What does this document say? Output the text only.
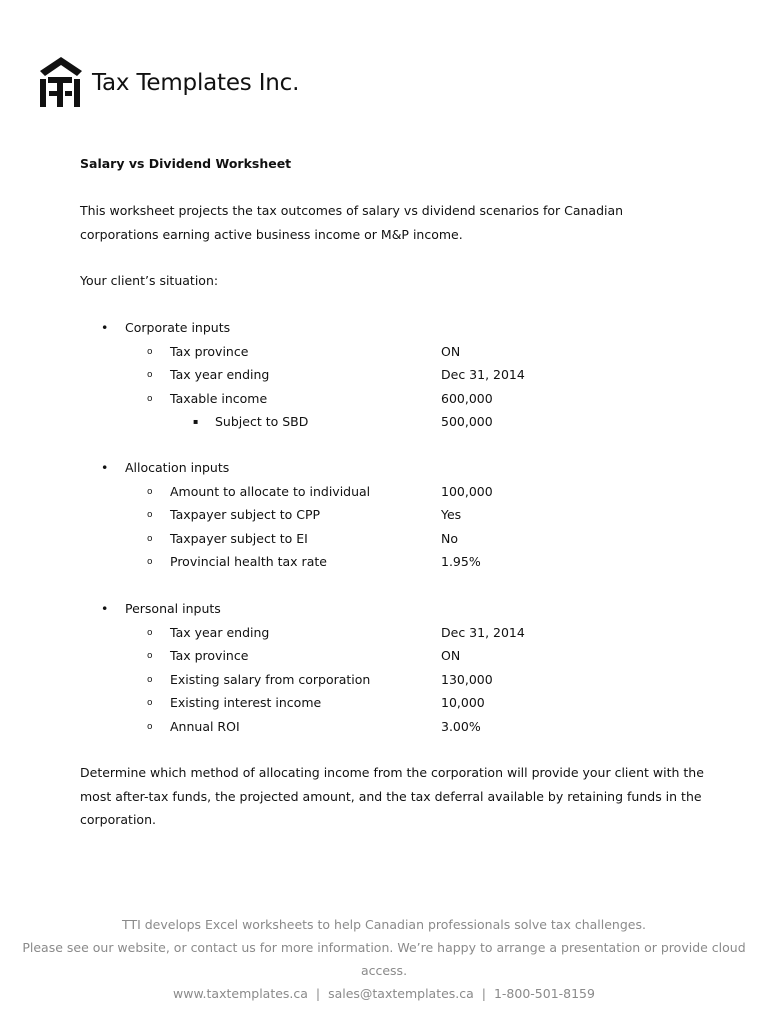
Tax Templates Inc.
Salary vs Dividend Worksheet
This worksheet projects the tax outcomes of salary vs dividend scenarios for Canadian corporations earning active business income or M&P income.
Your client’s situation:
• Corporate inputs
o Tax province	ON
o Tax year ending	Dec 31, 2014
o Taxable income	600,000
▪ Subject to SBD	500,000
• Allocation inputs
o Amount to allocate to individual	100,000
o Taxpayer subject to CPP	Yes
o Taxpayer subject to EI	No
o Provincial health tax rate	1.95%
• Personal inputs
o Tax year ending	Dec 31, 2014
o Tax province	ON
o Existing salary from corporation	130,000
o Existing interest income	10,000
o Annual ROI	3.00%
Determine which method of allocating income from the corporation will provide your client with the most after-tax funds, the projected amount, and the tax deferral available by retaining funds in the corporation.
TTI develops Excel worksheets to help Canadian professionals solve tax challenges.
Please see our website, or contact us for more information. We’re happy to arrange a presentation or provide cloud access.
www.taxtemplates.ca | sales@taxtemplates.ca | 1-800-501-8159
